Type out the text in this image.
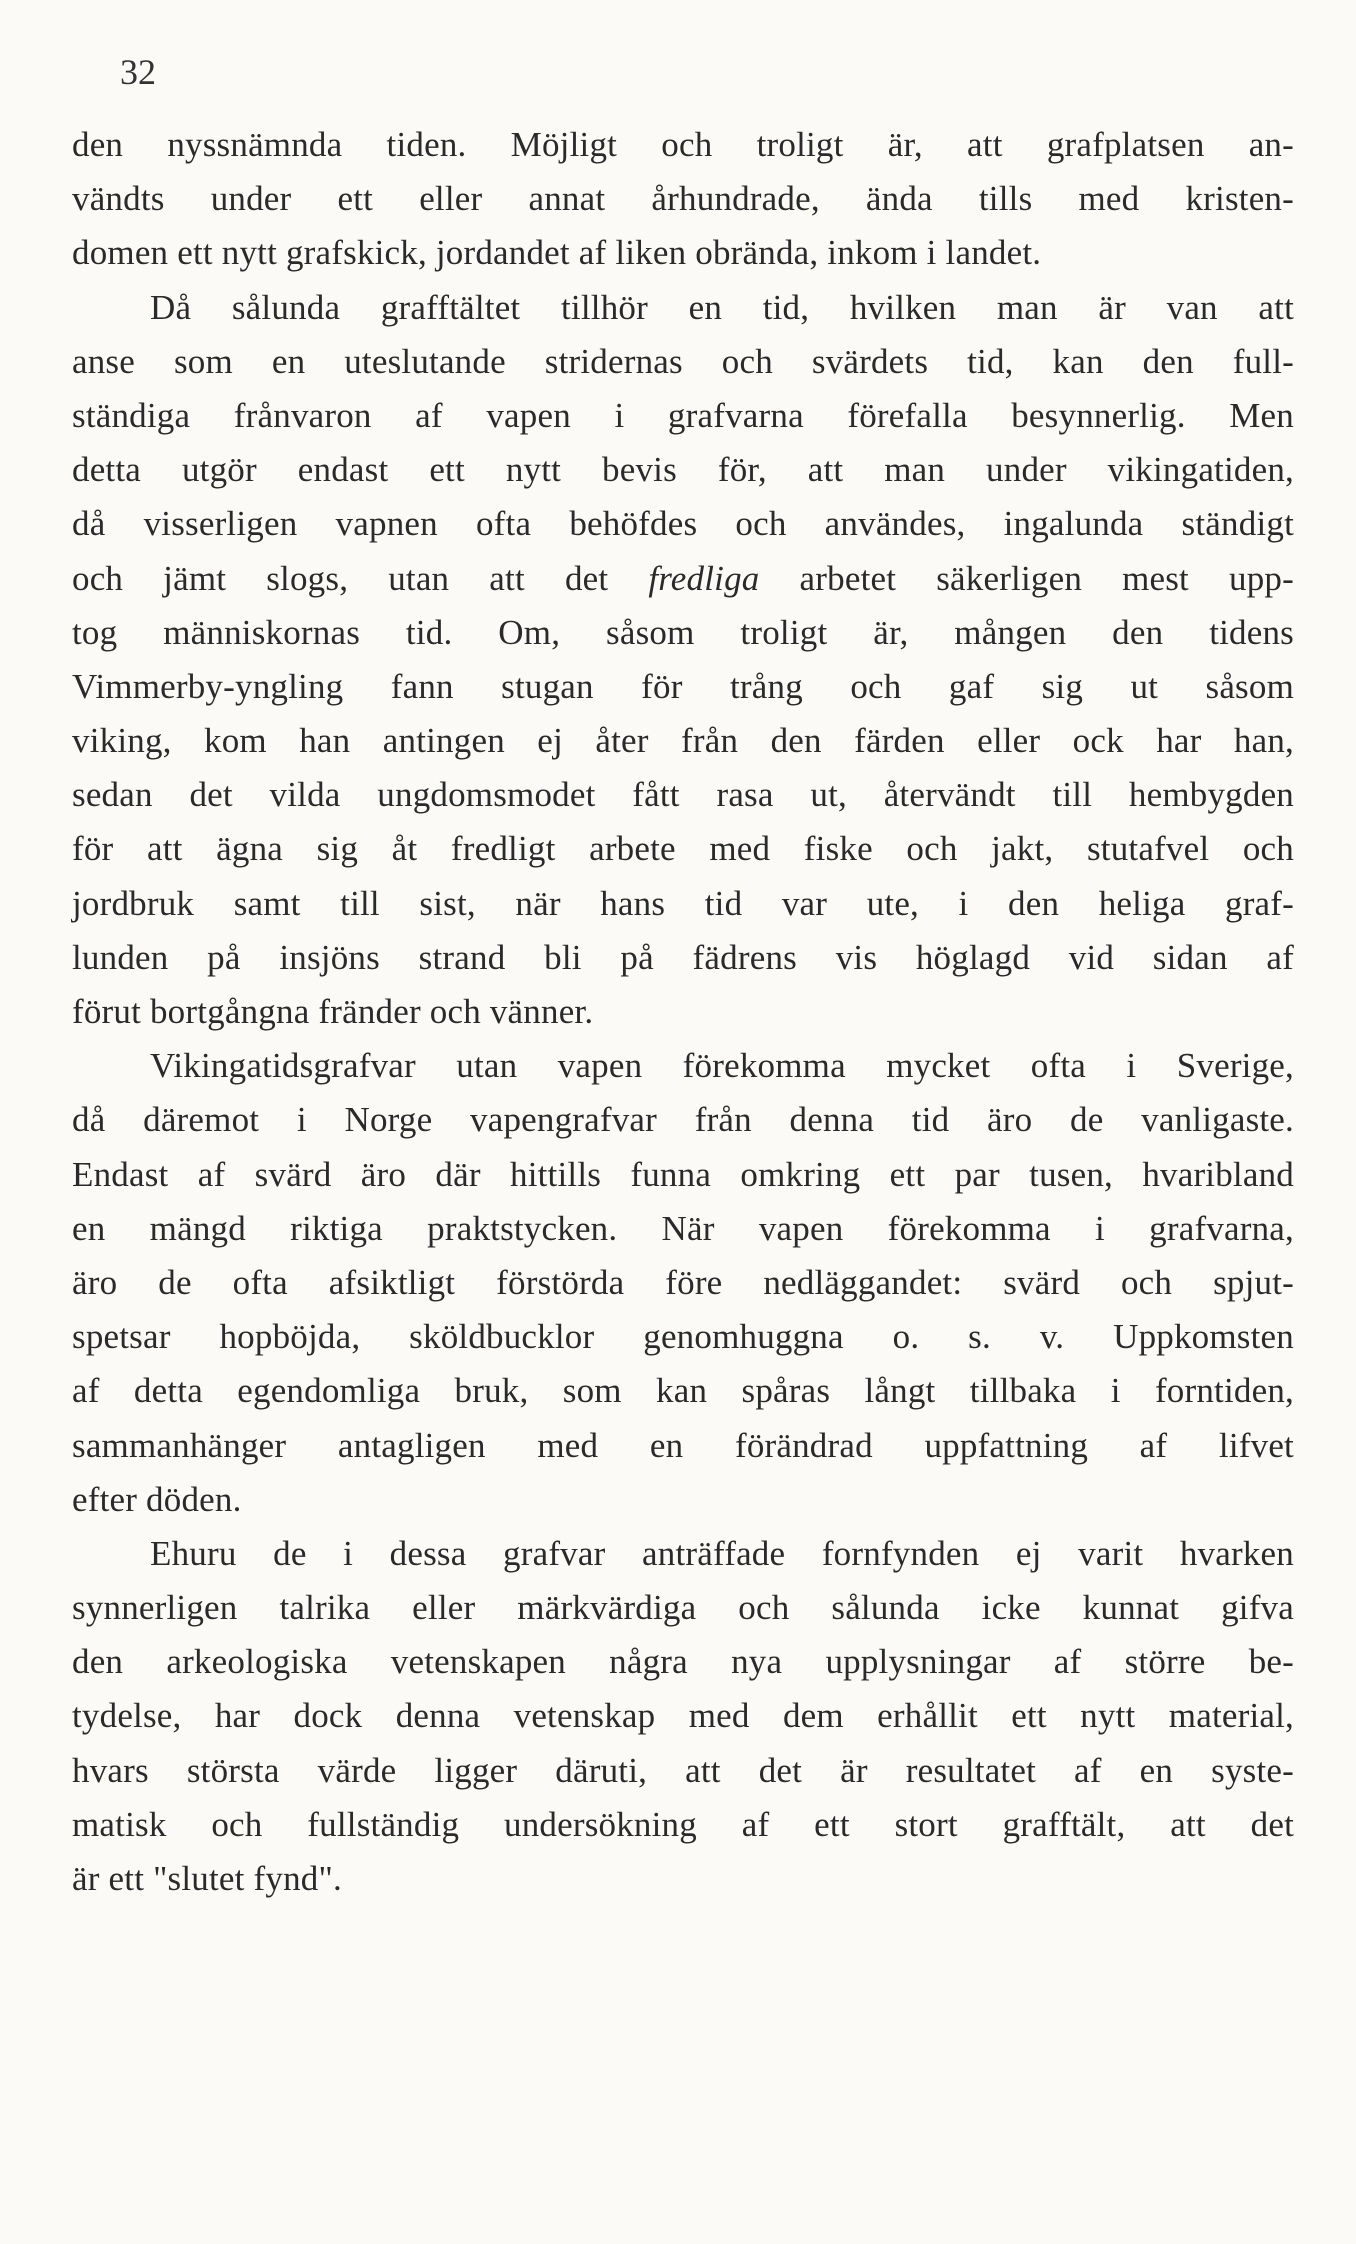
32

den nyssnämnda tiden. Möjligt och troligt är, att grafplatsen an-
vändts under ett eller annat århundrade, ända tills med kristen-
domen ett nytt grafskick, jordandet af liken obrända, inkom i landet.

Då sålunda grafftältet tillhör en tid, hvilken man är van att
anse som en uteslutande stridernas och svärdets tid, kan den full-
ständiga frånvaron af vapen i grafvarna förefalla besynnerlig. Men
detta utgör endast ett nytt bevis för, att man under vikingatiden,
då visserligen vapnen ofta behöfdes och användes, ingalunda ständigt
och jämt slogs, utan att det fredliga arbetet säkerligen mest upp-
tog människornas tid. Om, såsom troligt är, mången den tidens
Vimmerby-yngling fann stugan för trång och gaf sig ut såsom
viking, kom han antingen ej åter från den färden eller ock har han,
sedan det vilda ungdomsmodet fått rasa ut, återvändt till hembygden
för att ägna sig åt fredligt arbete med fiske och jakt, stutafvel och
jordbruk samt till sist, när hans tid var ute, i den heliga graf-
lunden på insjöns strand bli på fädrens vis höglagd vid sidan af
förut bortgångna fränder och vänner.

Vikingatidsgrafvar utan vapen förekomma mycket ofta i Sverige,
då däremot i Norge vapengrafvar från denna tid äro de vanligaste.
Endast af svärd äro där hittills funna omkring ett par tusen, hvaribland
en mängd riktiga praktstycken. När vapen förekomma i grafvarna,
äro de ofta afsiktligt förstörda före nedläggandet: svärd och spjut-
spetsar hopböjda, sköldbucklor genomhuggna o. s. v. Uppkomsten
af detta egendomliga bruk, som kan spåras långt tillbaka i forntiden,
sammanhänger antagligen med en förändrad uppfattning af lifvet
efter döden.

Ehuru de i dessa grafvar anträffade fornfynden ej varit hvarken
synnerligen talrika eller märkvärdiga och sålunda icke kunnat gifva
den arkeologiska vetenskapen några nya upplysningar af större be-
tydelse, har dock denna vetenskap med dem erhållit ett nytt material,
hvars största värde ligger däruti, att det är resultatet af en syste-
matisk och fullständig undersökning af ett stort grafftält, att det
är ett "slutet fynd".
